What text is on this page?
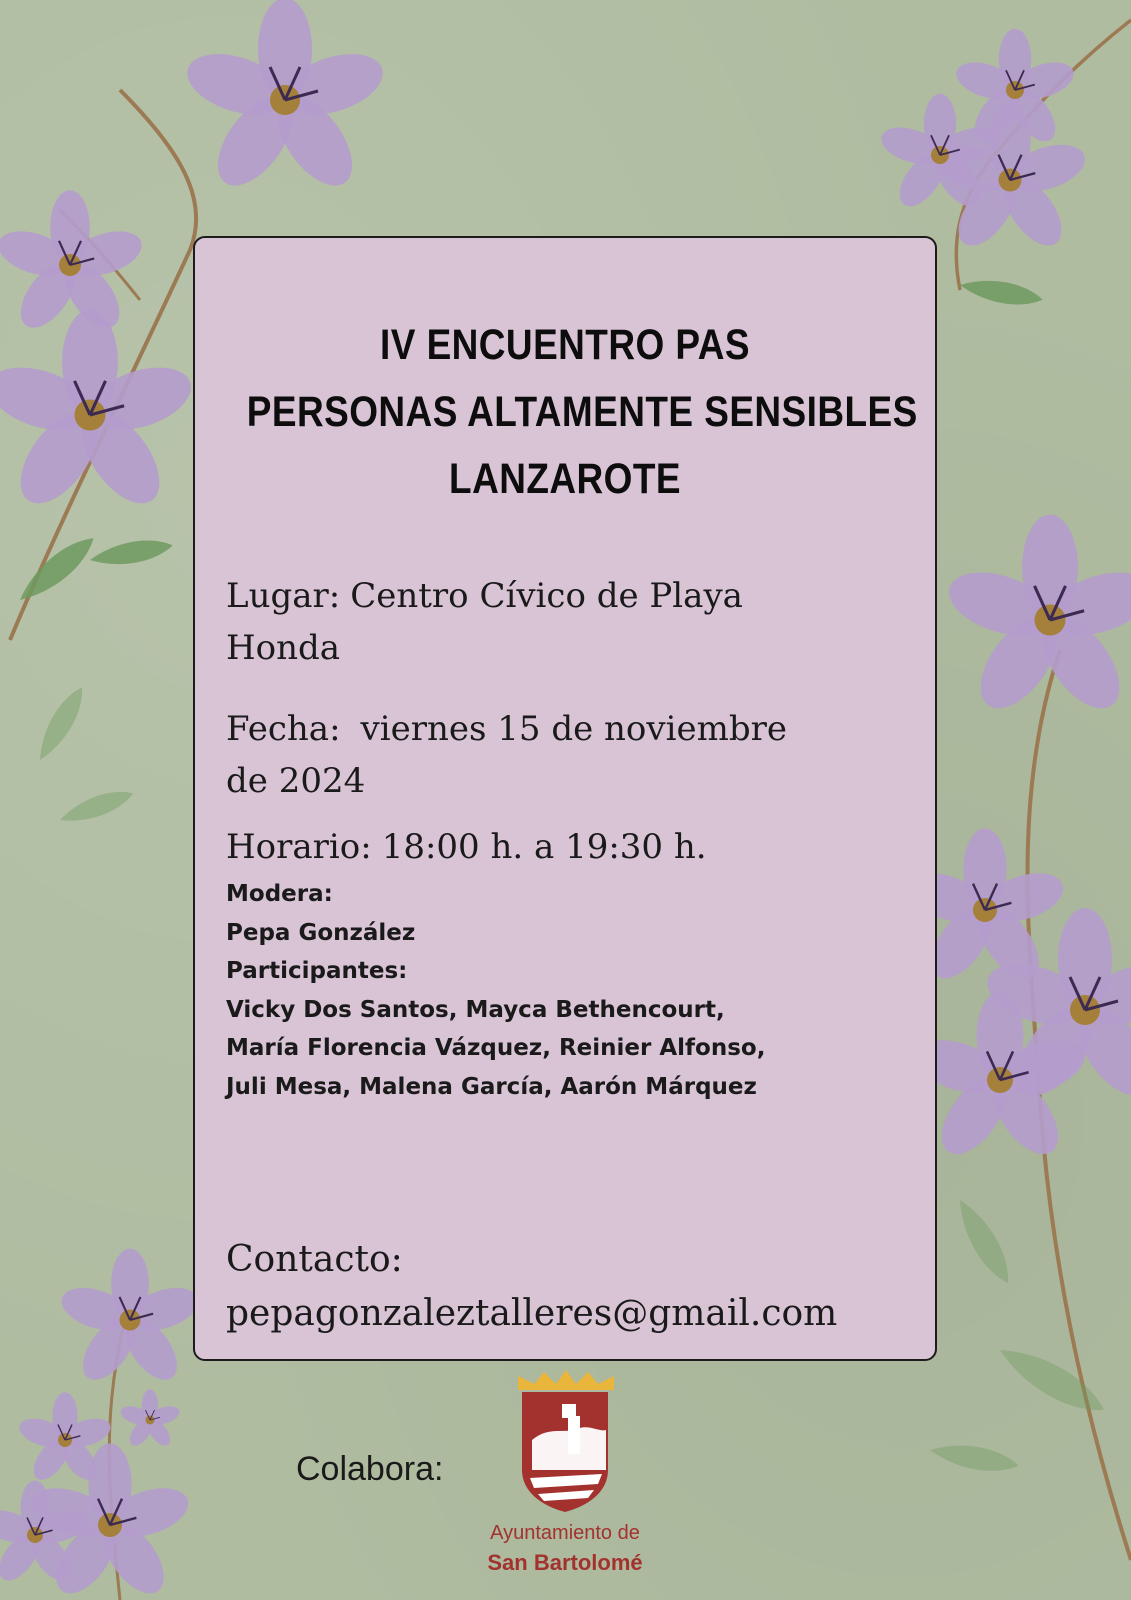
IV ENCUENTRO PAS
PERSONAS ALTAMENTE SENSIBLES
LANZAROTE
Lugar: Centro Cívico de Playa
Honda
Fecha: viernes 15 de noviembre
de 2024
Horario: 18:00 h. a 19:30 h.
Modera:
Pepa González
Participantes:
Vicky Dos Santos, Mayca Bethencourt,
María Florencia Vázquez, Reinier Alfonso,
Juli Mesa, Malena García, Aarón Márquez
Contacto:
pepagonzaleztalleres@gmail.com
Colabora:
Ayuntamiento de
San Bartolomé
